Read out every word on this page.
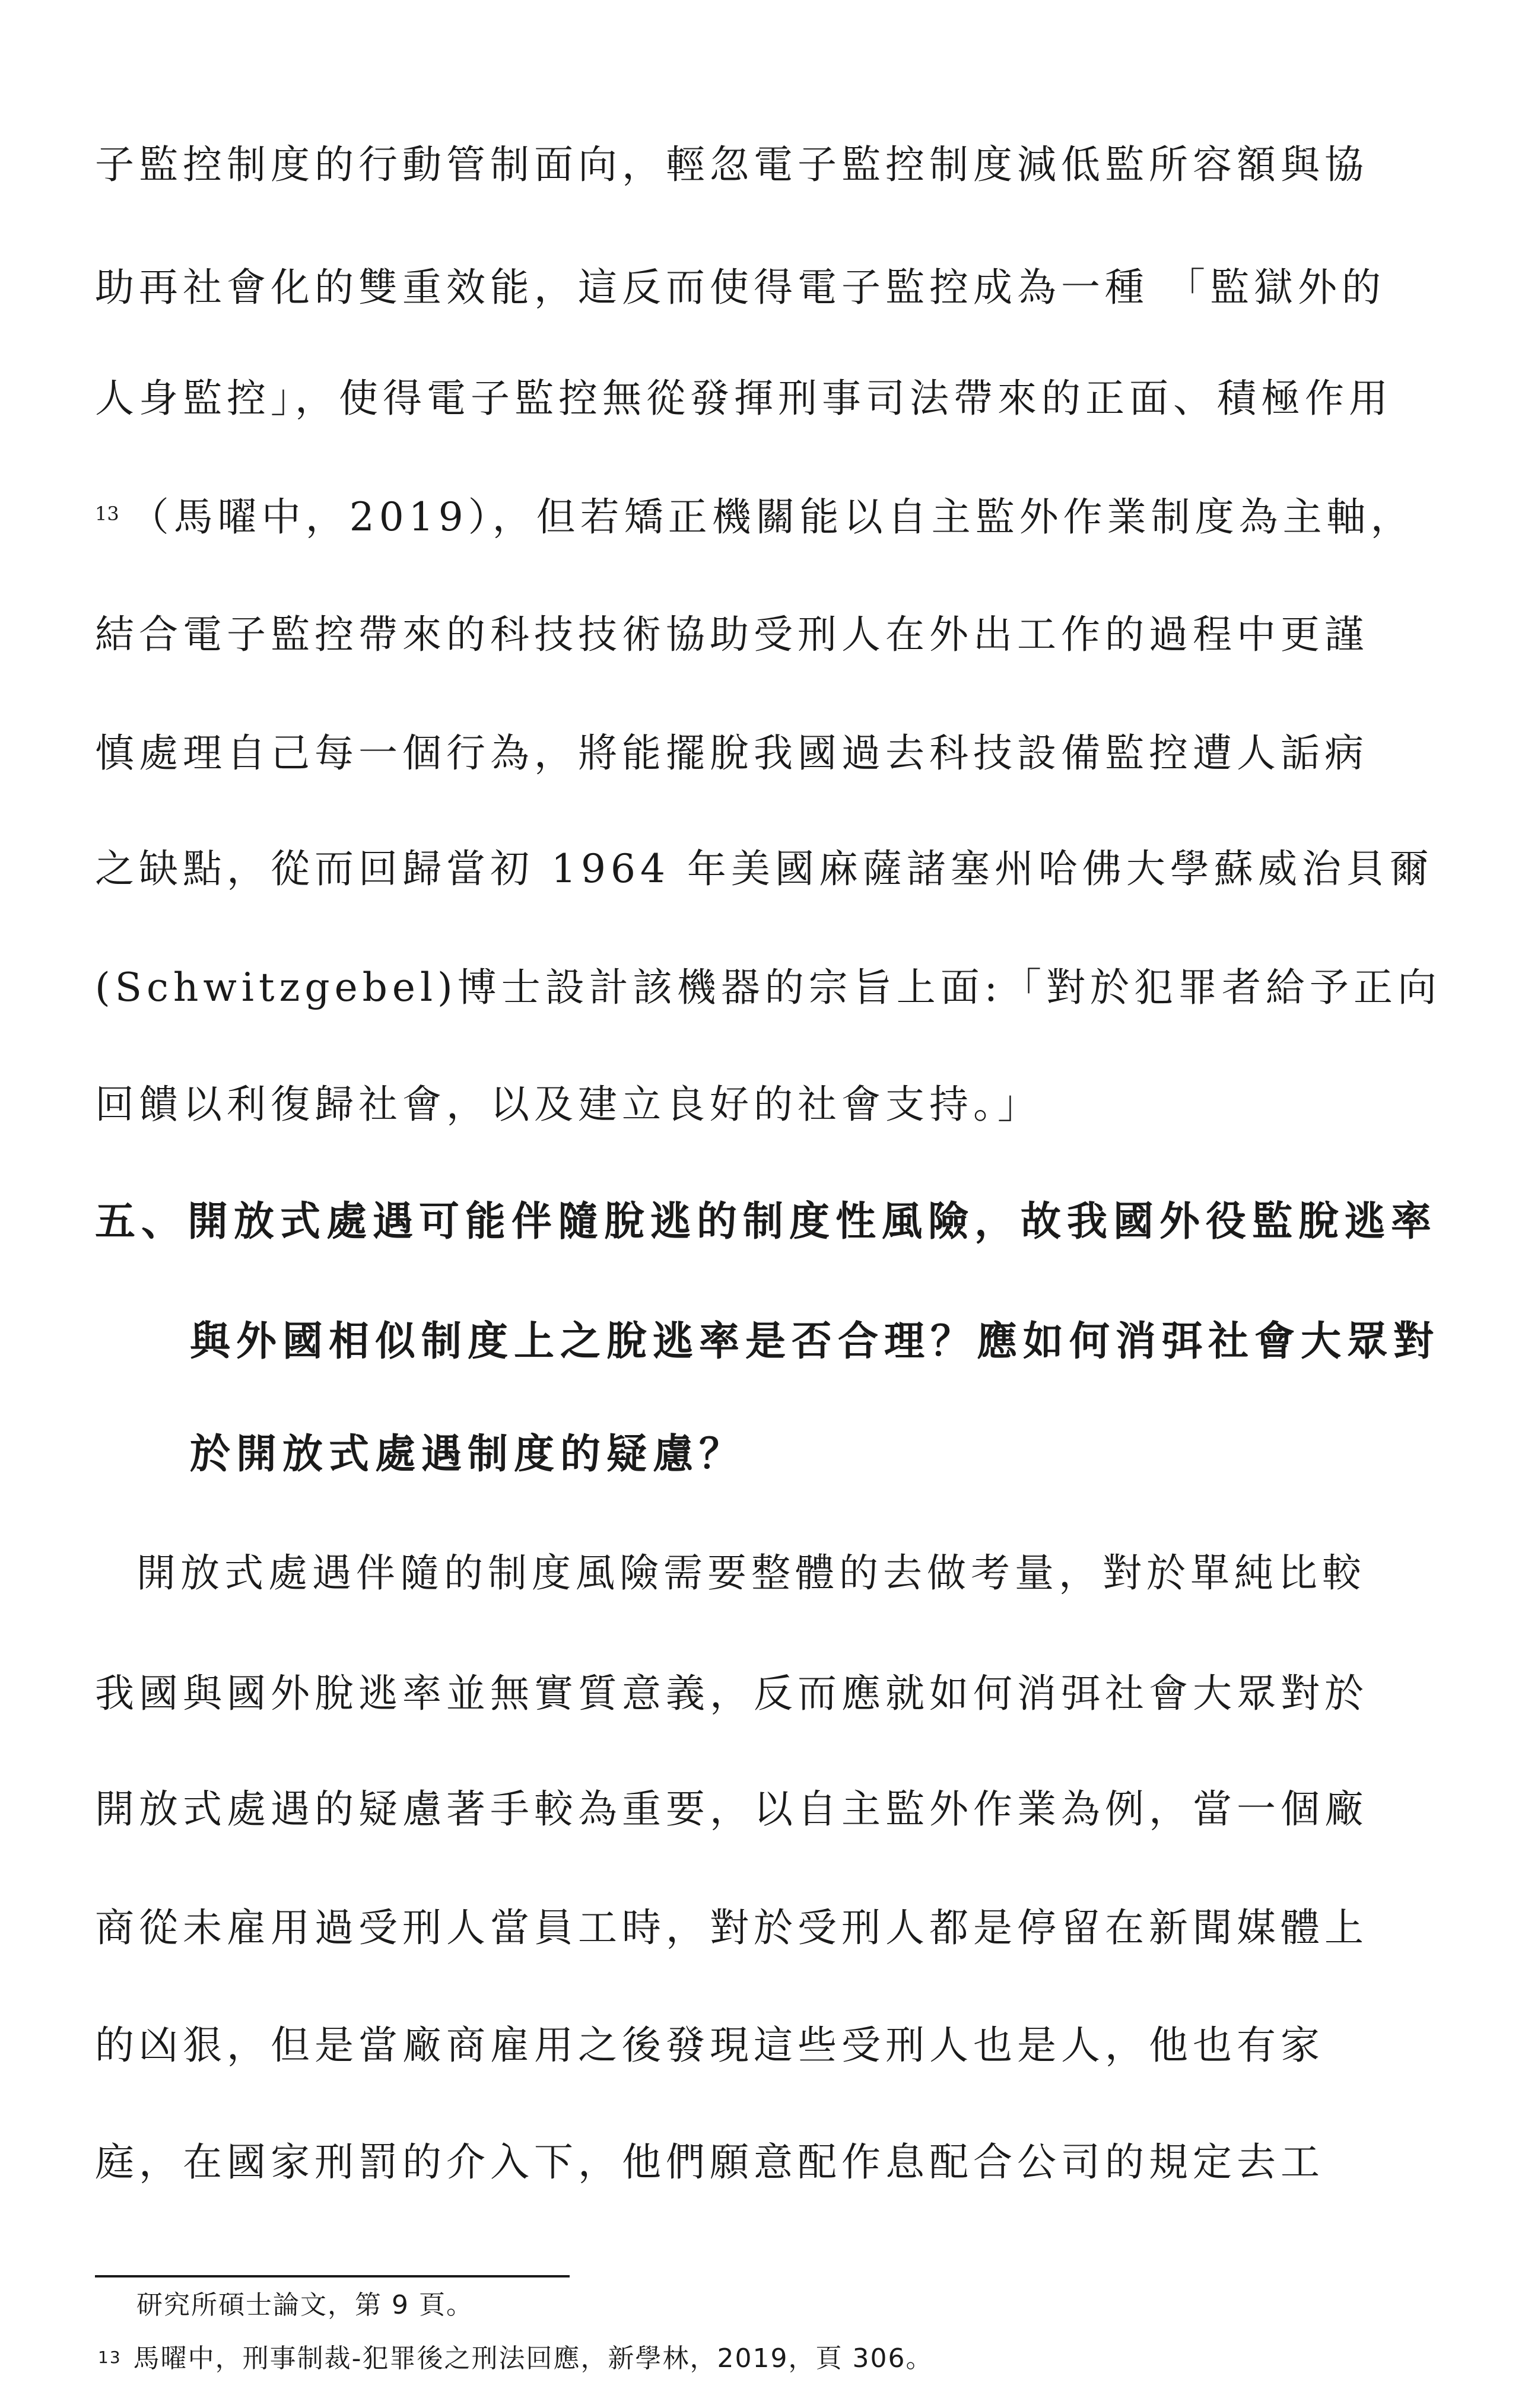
子監控制度的行動管制面向，輕忽電子監控制度減低監所容額與協
助再社會化的雙重效能，這反而使得電子監控成為一種 「監獄外的
人身監控」，使得電子監控無從發揮刑事司法帶來的正面、積極作用
$^{13}$ （馬曜中，2019），但若矯正機關能以自主監外作業制度為主軸，
結合電子監控帶來的科技技術協助受刑人在外出工作的過程中更謹
慎處理自己每一個行為，將能擺脫我國過去科技設備監控遭人詬病
之缺點，從而回歸當初 1964 年美國麻薩諸塞州哈佛大學蘇威治貝爾
(Schwitzgebel)博士設計該機器的宗旨上面:「對於犯罪者給予正向
回饋以利復歸社會，以及建立良好的社會支持。」
五、開放式處遇可能伴隨脫逃的制度性風險，故我國外役監脫逃率
與外國相似制度上之脫逃率是否合理？應如何消弭社會大眾對
於開放式處遇制度的疑慮？
開放式處遇伴隨的制度風險需要整體的去做考量，對於單純比較
我國與國外脫逃率並無實質意義，反而應就如何消弭社會大眾對於
開放式處遇的疑慮著手較為重要，以自主監外作業為例，當一個廠
商從未雇用過受刑人當員工時，對於受刑人都是停留在新聞媒體上
的凶狠，但是當廠商雇用之後發現這些受刑人也是人，他也有家
庭，在國家刑罰的介入下，他們願意配作息配合公司的規定去工
研究所碩士論文，第 9 頁。
$^{13}$ 馬曜中，刑事制裁-犯罪後之刑法回應，新學林，2019，頁 306。
